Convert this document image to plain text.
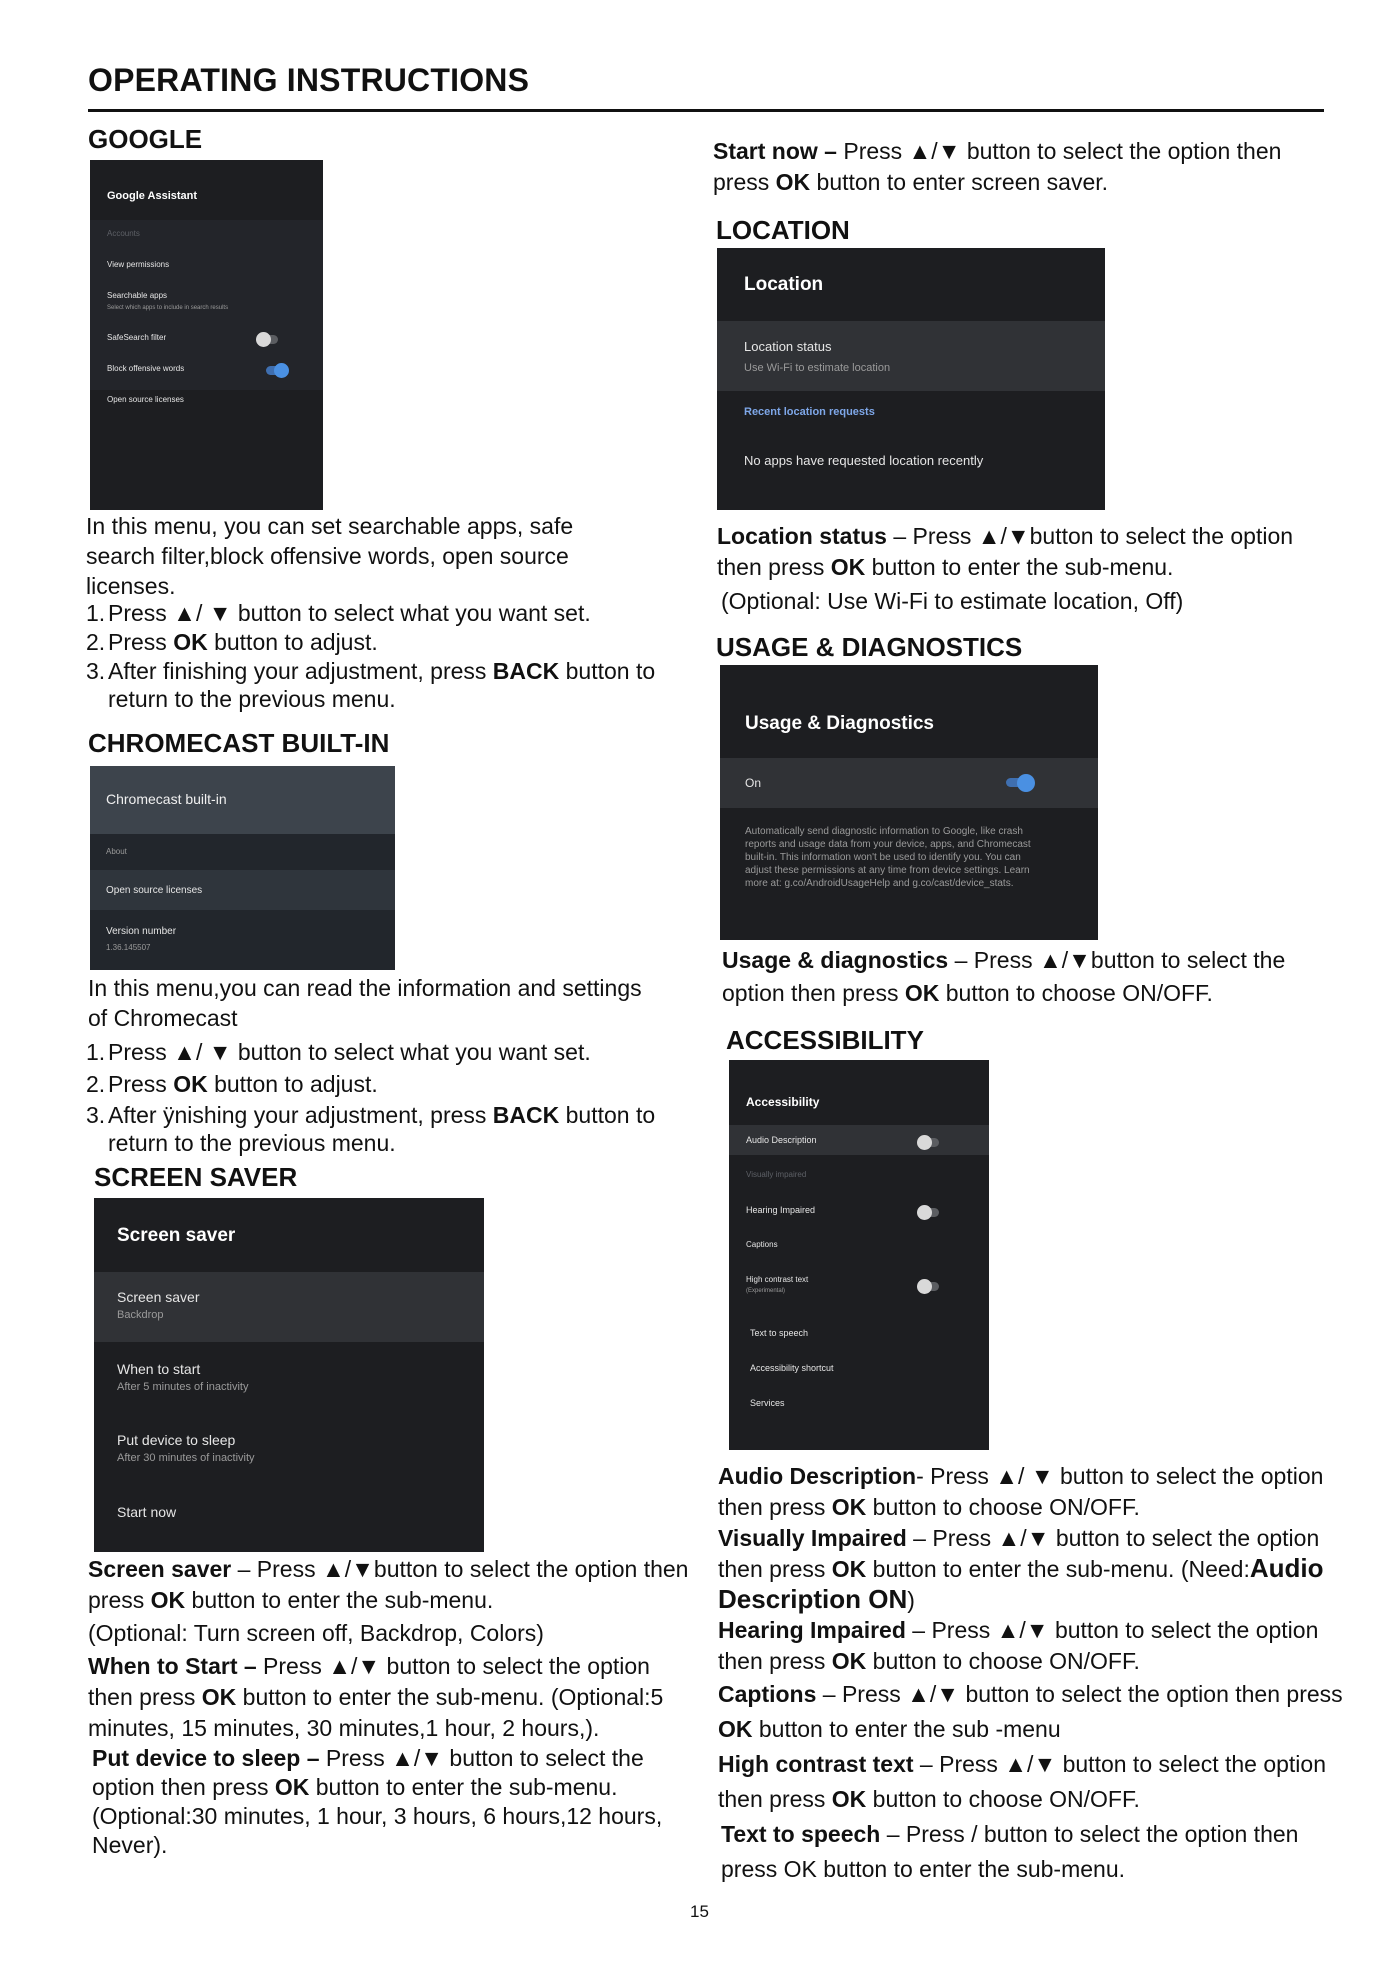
OPERATING INSTRUCTIONS
GOOGLE
Google Assistant
Accounts
View permissions
Searchable apps
Select which apps to include in search results
SafeSearch filter
Block offensive words
Open source licenses

In this menu, you can set searchable apps, safe search filter,block offensive words, open source licenses.

1. Press ▲/ ▼ button to select what you want set.
2. Press OK button to adjust.
3. After finishing your adjustment, press BACK button to return to the previous menu.
CHROMECAST BUILT-IN
Chromecast built-in
About
Open source licenses
Version number
1.36.145507

In this menu,you can read the information and settings of Chromecast

1. Press ▲/ ▼ button to select what you want set.
2. Press OK button to adjust.
3. After ÿnishing your adjustment, press BACK button to return to the previous menu.
SCREEN SAVER
Screen saver
Screen saver
Backdrop
When to start
After 5 minutes of inactivity
Put device to sleep
After 30 minutes of inactivity
Start now

Screen saver – Press ▲/▼button to select the option then press OK button to enter the sub-menu.

(Optional: Turn screen off, Backdrop, Colors)

When to Start – Press ▲/▼ button to select the option then press OK button to enter the sub-menu. (Optional:5 minutes, 15 minutes, 30 minutes,1 hour, 2 hours,).

Put device to sleep – Press ▲/▼ button to select the option then press OK button to enter the sub-menu. (Optional:30 minutes, 1 hour, 3 hours, 6 hours,12 hours, Never).

Start now – Press ▲/▼ button to select the option then press OK button to enter screen saver.

LOCATION
Location
Location status
Use Wi-Fi to estimate location
Recent location requests
No apps have requested location recently

Location status – Press ▲/▼button to select the option then press OK button to enter the sub-menu.

(Optional: Use Wi-Fi to estimate location, Off)

USAGE & DIAGNOSTICS
Usage & Diagnostics
On
Automatically send diagnostic information to Google, like crash reports and usage data from your device, apps, and Chromecast built-in. This information won't be used to identify you. You can adjust these permissions at any time from device settings. Learn more at: g.co/AndroidUsageHelp and g.co/cast/device_stats.

Usage & diagnostics – Press ▲/▼button to select the option then press OK button to choose ON/OFF.

ACCESSIBILITY
Accessibility
Audio Description
Visually impaired
Hearing Impaired
Captions
High contrast text
(Experimental)
Text to speech
Accessibility shortcut
Services

Audio Description- Press ▲/ ▼ button to select the option then press OK button to choose ON/OFF.

Visually Impaired – Press ▲/▼ button to select the option then press OK button to enter the sub-menu. (Need:Audio Description ON)

Hearing Impaired – Press ▲/▼ button to select the option then press OK button to choose ON/OFF.

Captions – Press ▲/▼ button to select the option then press OK button to enter the sub -menu

High contrast text – Press ▲/▼ button to select the option then press OK button to choose ON/OFF.

Text to speech – Press / button to select the option then press OK button to enter the sub-menu.

15
